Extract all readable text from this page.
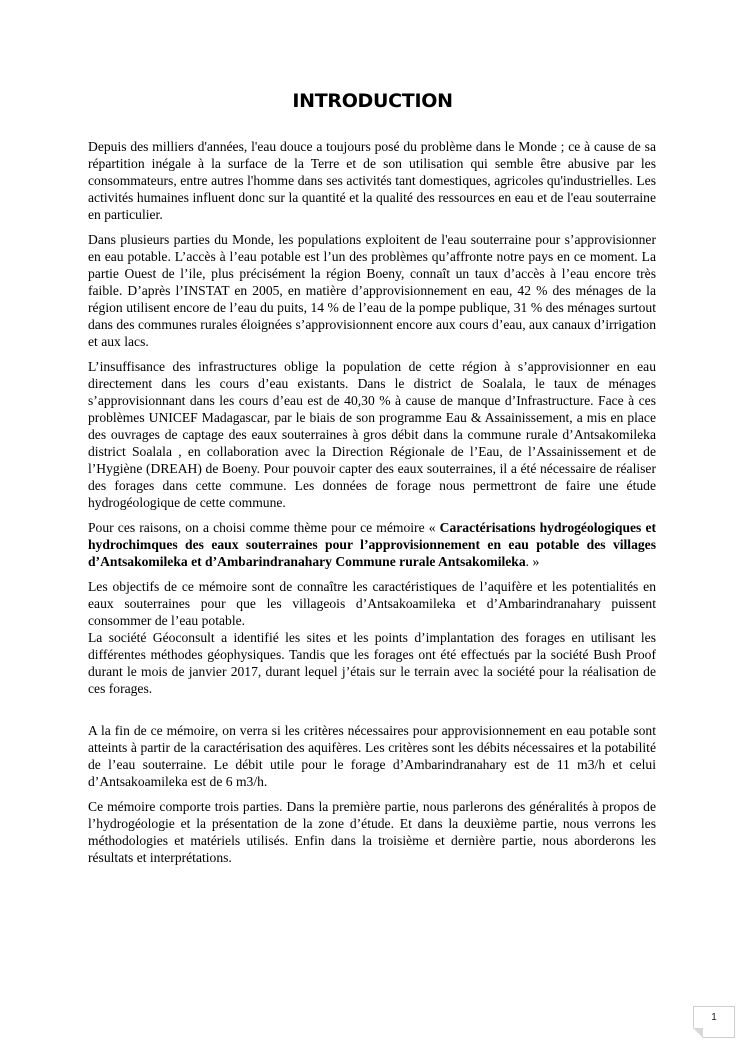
INTRODUCTION

Depuis des milliers d'années, l'eau douce a toujours posé du problème dans le Monde ; ce à cause de sa répartition inégale à la surface de la Terre et de son utilisation qui semble être abusive par les consommateurs, entre autres l'homme dans ses activités tant domestiques, agricoles qu'industrielles. Les activités humaines influent donc sur la quantité et la qualité des ressources en eau et de l'eau souterraine en particulier.

Dans plusieurs parties du Monde, les populations exploitent de l'eau souterraine pour s’approvisionner en eau potable. L’accès à l’eau potable est l’un des problèmes qu’affronte notre pays en ce moment. La partie Ouest de l’ile, plus précisément la région Boeny, connaît un taux d’accès à l’eau encore très faible. D’après l’INSTAT en 2005, en matière d’approvisionnement en eau, 42 % des ménages de la région utilisent encore de l’eau du puits, 14 % de l’eau de la pompe publique, 31 % des ménages surtout dans des communes rurales éloignées s’approvisionnent encore aux cours d’eau, aux canaux d’irrigation et aux lacs.

L’insuffisance des infrastructures oblige la population de cette région à s’approvisionner en eau directement dans les cours d’eau existants. Dans le district de Soalala, le taux de ménages s’approvisionnant dans les cours d’eau est de 40,30 % à cause de manque d’Infrastructure. Face à ces problèmes UNICEF Madagascar, par le biais de son programme Eau & Assainissement, a mis en place des ouvrages de captage des eaux souterraines à gros débit dans la commune rurale d’Antsakomileka district Soalala , en collaboration avec la Direction Régionale de l’Eau, de l’Assainissement et de l’Hygiène (DREAH) de Boeny. Pour pouvoir capter des eaux souterraines, il a été nécessaire de réaliser des forages dans cette commune. Les données de forage nous permettront de faire une étude hydrogéologique de cette commune.

Pour ces raisons, on a choisi comme thème pour ce mémoire « Caractérisations hydrogéologiques et hydrochimques des eaux souterraines pour l’approvisionnement en eau potable des villages d’Antsakomileka et d’Ambarindranahary Commune rurale Antsakomileka. »

Les objectifs de ce mémoire sont de connaître les caractéristiques de l’aquifère et les potentialités en eaux souterraines pour que les villageois d’Antsakoamileka et d’Ambarindranahary puissent consommer de l’eau potable.

La société Géoconsult a identifié les sites et les points d’implantation des forages en utilisant les différentes méthodes géophysiques. Tandis que les forages ont été effectués par la société Bush Proof durant le mois de janvier 2017, durant lequel j’étais sur le terrain avec la société pour la réalisation de ces forages.

A la fin de ce mémoire, on verra si les critères nécessaires pour approvisionnement en eau potable sont atteints à partir de la caractérisation des aquifères. Les critères sont les débits nécessaires et la potabilité de l’eau souterraine. Le débit utile pour le forage d’Ambarindranahary est de 11 m3/h et celui d’Antsakoamileka est de 6 m3/h.

Ce mémoire comporte trois parties. Dans la première partie, nous parlerons des généralités à propos de l’hydrogéologie et la présentation de la zone d’étude. Et dans la deuxième partie, nous verrons les méthodologies et matériels utilisés. Enfin dans la troisième et dernière partie, nous aborderons les résultats et interprétations.

1
